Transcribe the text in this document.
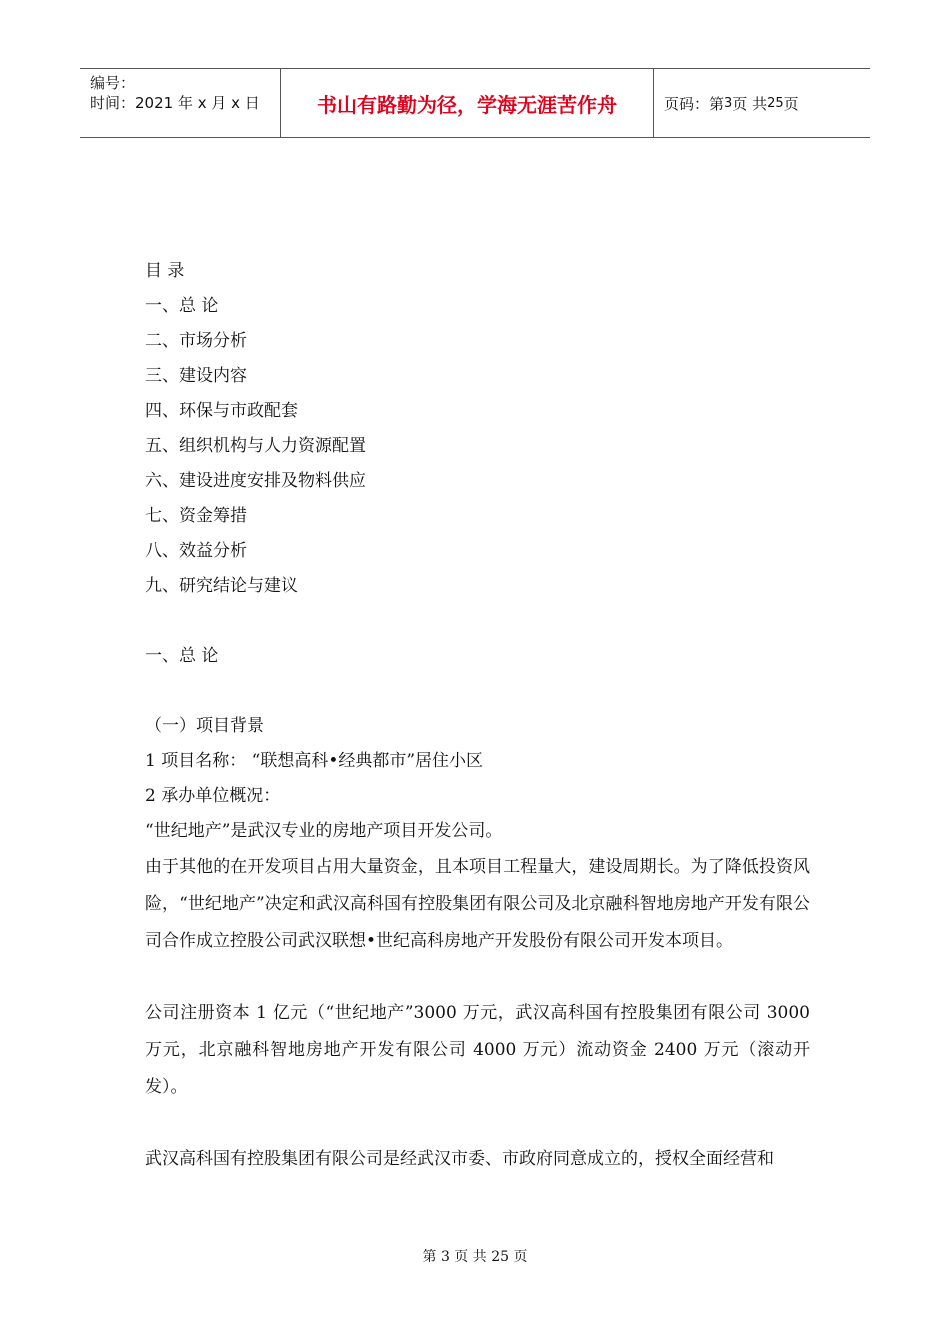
编号：
时间：2021 年 x 月 x 日	书山有路勤为径，学海无涯苦作舟	页码：第 3 页 共 25 页
目 录
一、总 论
二、市场分析
三、建设内容
四、环保与市政配套
五、组织机构与人力资源配置
六、建设进度安排及物料供应
七、资金筹措
八、效益分析
九、研究结论与建议
一、总 论
（一）项目背景
1 项目名称： “联想高科•经典都市”居住小区
2 承办单位概况：
“世纪地产”是武汉专业的房地产项目开发公司。
由于其他的在开发项目占用大量资金，且本项目工程量大，建设周期长。为了降低投资风险，“世纪地产”决定和武汉高科国有控股集团有限公司及北京融科智地房地产开发有限公司合作成立控股公司武汉联想•世纪高科房地产开发股份有限公司开发本项目。
公司注册资本 1 亿元（“世纪地产”3000 万元，武汉高科国有控股集团有限公司 3000 万元，北京融科智地房地产开发有限公司 4000 万元）流动资金 2400 万元（滚动开发）。
武汉高科国有控股集团有限公司是经武汉市委、市政府同意成立的，授权全面经营和
第 3 页 共 25 页
